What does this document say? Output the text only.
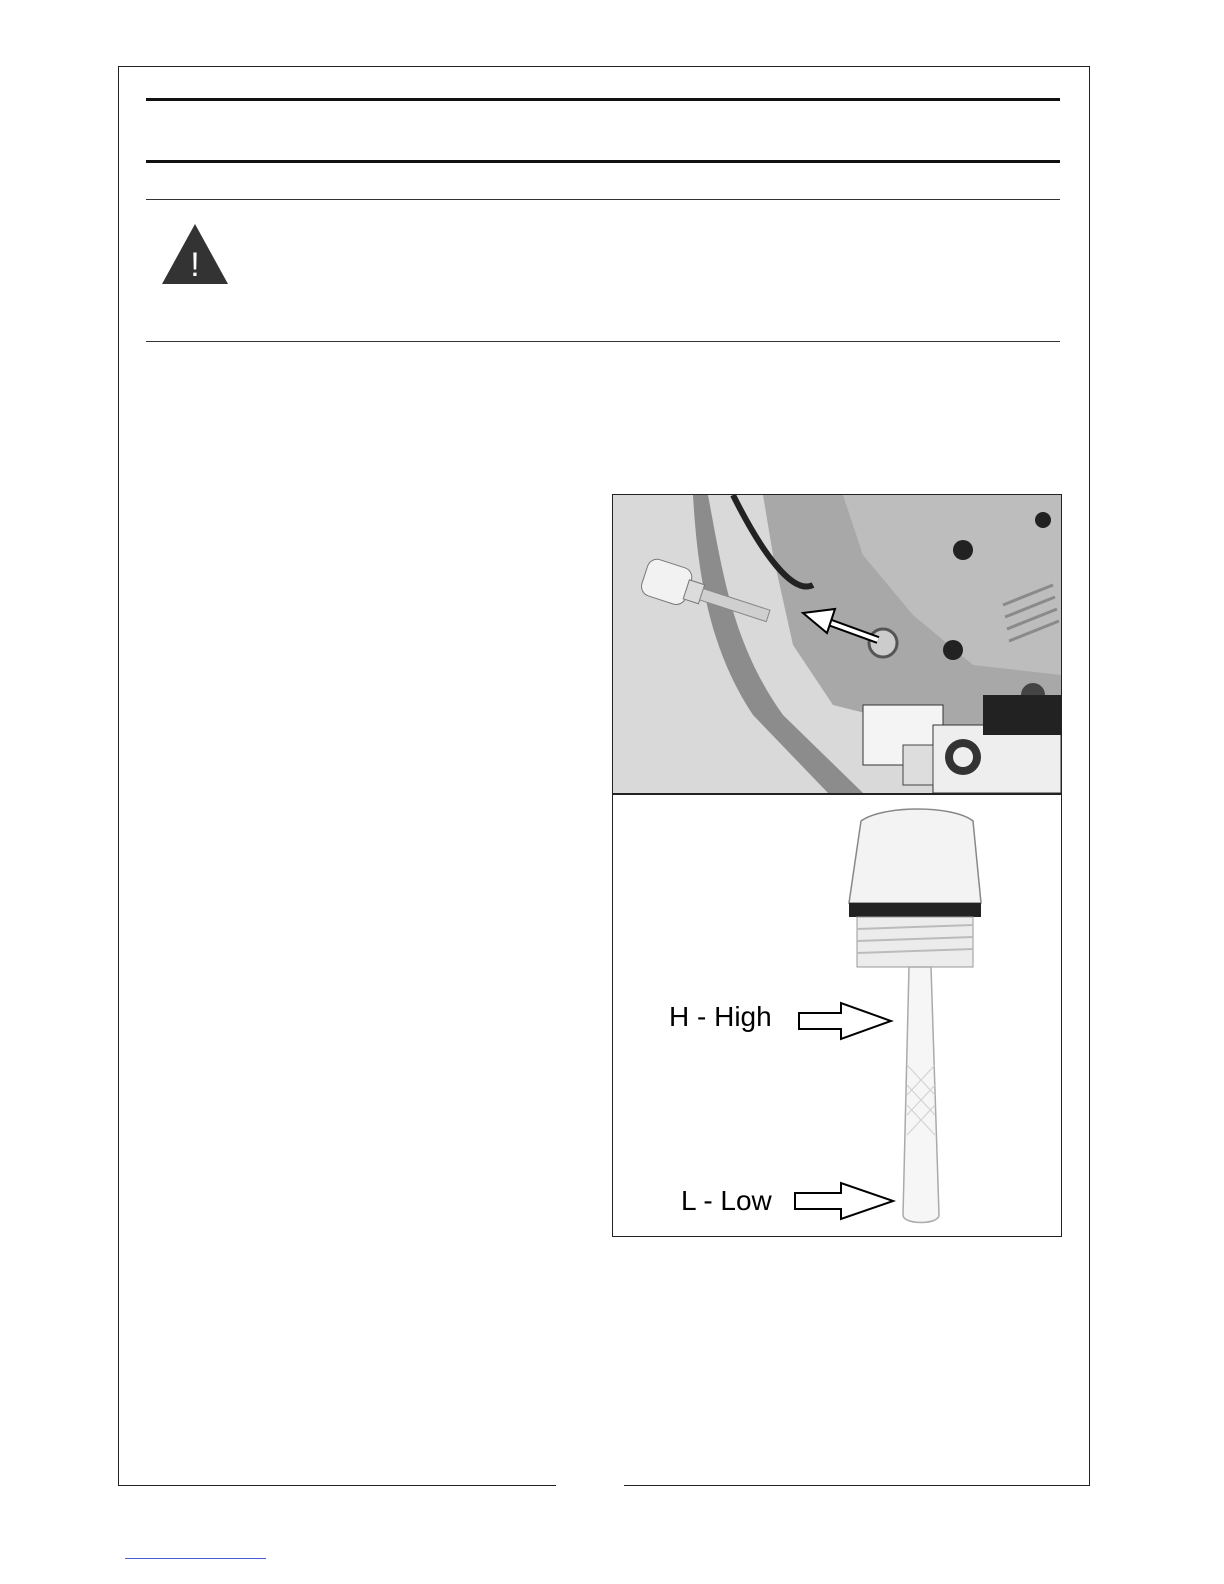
!
H - High
L - Low
